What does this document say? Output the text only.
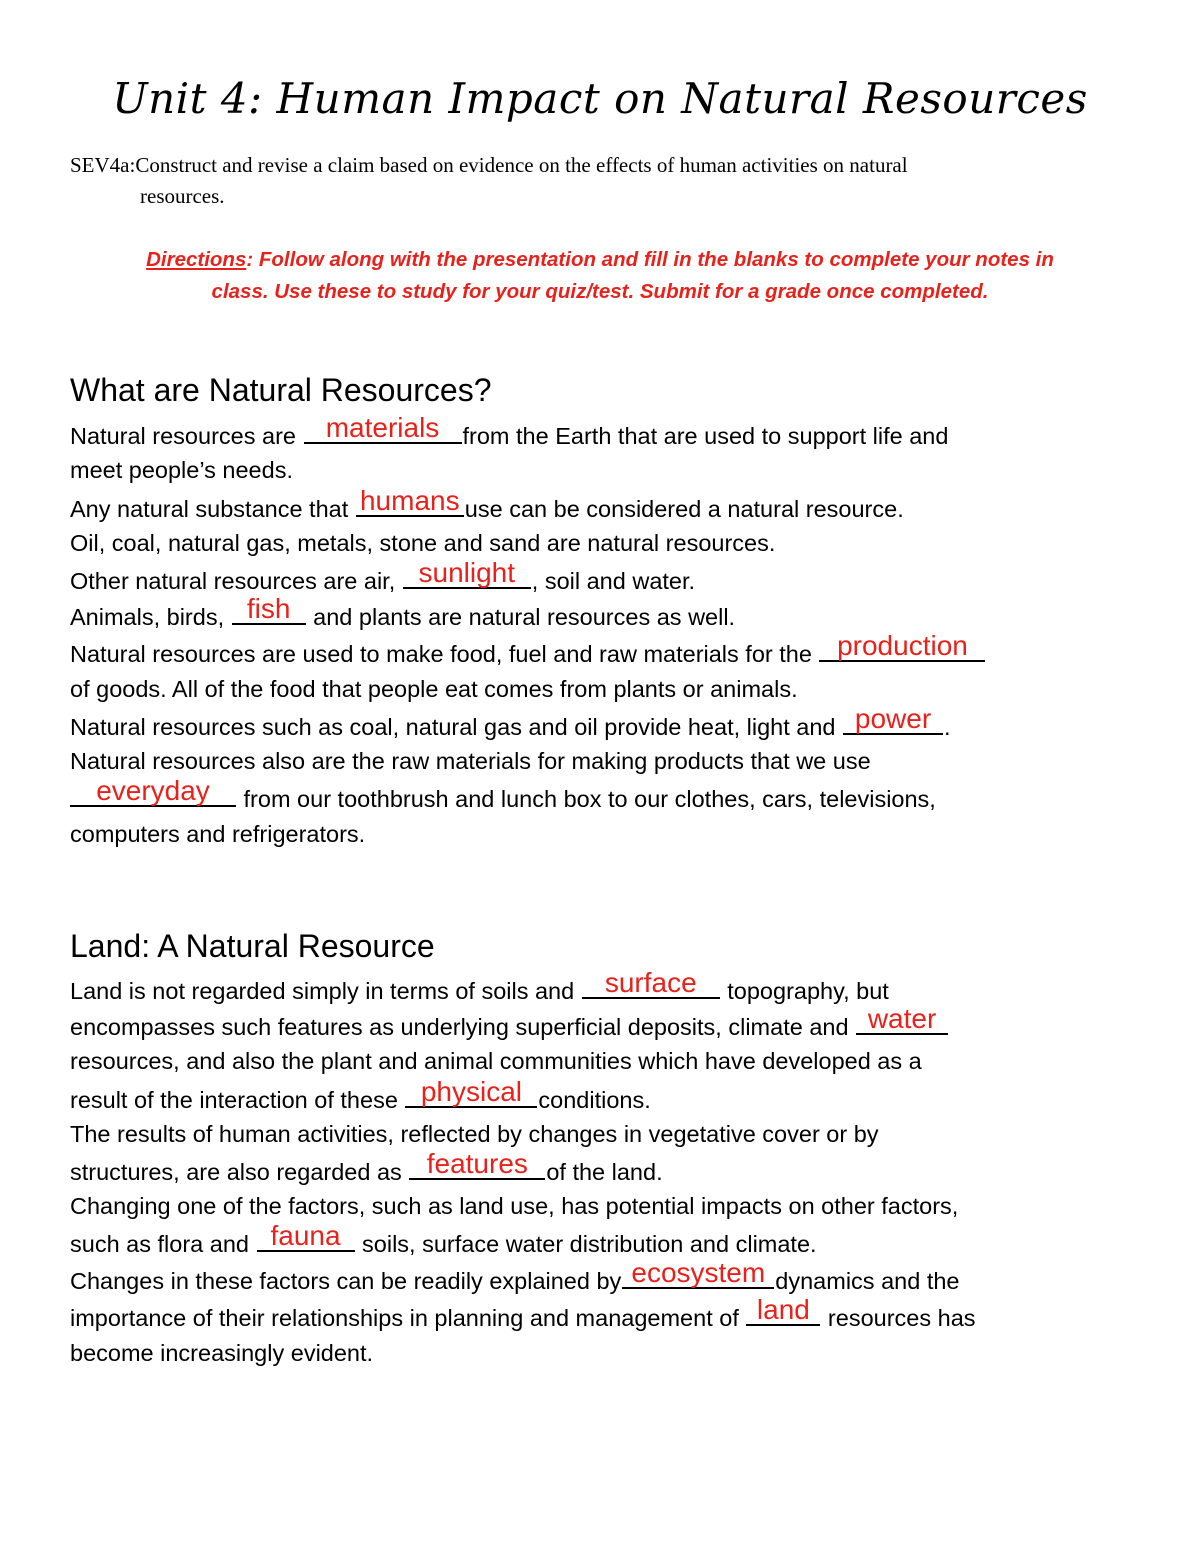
Unit 4: Human Impact on Natural Resources
SEV4a:Construct and revise a claim based on evidence on the effects of human activities on natural
resources.
Directions: Follow along with the presentation and fill in the blanks to complete your notes in
class. Use these to study for your quiz/test. Submit for a grade once completed.
What are Natural Resources?
Natural resources are materials from the Earth that are used to support life and
meet people’s needs.
Any natural substance that humans use can be considered a natural resource.
Oil, coal, natural gas, metals, stone and sand are natural resources.
Other natural resources are air, sunlight , soil and water.
Animals, birds, fish and plants are natural resources as well.
Natural resources are used to make food, fuel and raw materials for the production
of goods. All of the food that people eat comes from plants or animals.
Natural resources such as coal, natural gas and oil provide heat, light and power .
Natural resources also are the raw materials for making products that we use
everyday from our toothbrush and lunch box to our clothes, cars, televisions,
computers and refrigerators.
Land: A Natural Resource
Land is not regarded simply in terms of soils and surface topography, but
encompasses such features as underlying superficial deposits, climate and water
resources, and also the plant and animal communities which have developed as a
result of the interaction of these physical conditions.
The results of human activities, reflected by changes in vegetative cover or by
structures, are also regarded as features of the land.
Changing one of the factors, such as land use, has potential impacts on other factors,
such as flora and fauna soils, surface water distribution and climate.
Changes in these factors can be readily explained by ecosystem dynamics and the
importance of their relationships in planning and management of land resources has
become increasingly evident.
